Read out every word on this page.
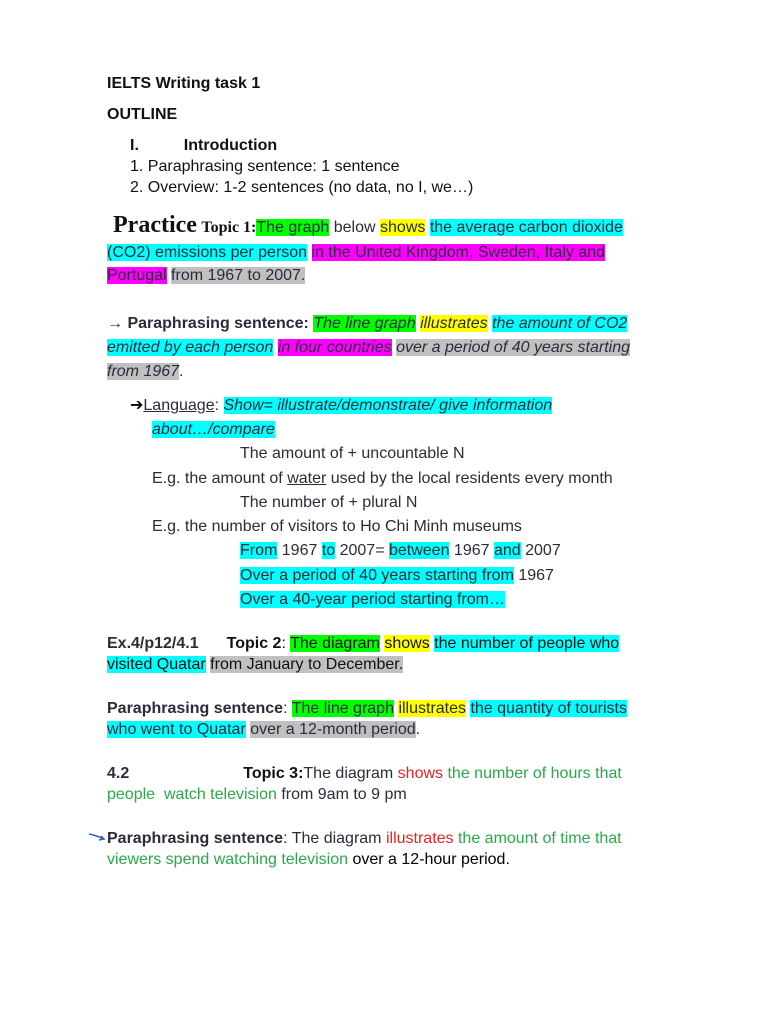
IELTS Writing task 1
OUTLINE
I.	Introduction
1. Paraphrasing sentence: 1 sentence
2. Overview: 1-2 sentences (no data, no I, we…)
Practice Topic 1:The graph below shows the average carbon dioxide
(CO2) emissions per person in the United Kingdom, Sweden, Italy and
Portugal from 1967 to 2007.
→ Paraphrasing sentence: The line graph illustrates the amount of CO2
emitted by each person in four countries over a period of 40 years starting
from 1967.
➔Language: Show= illustrate/demonstrate/ give information
about…/compare
The amount of + uncountable N
E.g. the amount of water used by the local residents every month
The number of + plural N
E.g. the number of visitors to Ho Chi Minh museums
From 1967 to 2007= between 1967 and 2007
Over a period of 40 years starting from 1967
Over a 40-year period starting from…
Ex.4/p12/4.1 Topic 2: The diagram shows the number of people who
visited Quatar from January to December.
Paraphrasing sentence: The line graph illustrates the quantity of tourists
who went to Quatar over a 12-month period.
4.2	Topic 3:The diagram shows the number of hours that
people  watch television from 9am to 9 pm
Paraphrasing sentence: The diagram illustrates the amount of time that
viewers spend watching television over a 12-hour period.
